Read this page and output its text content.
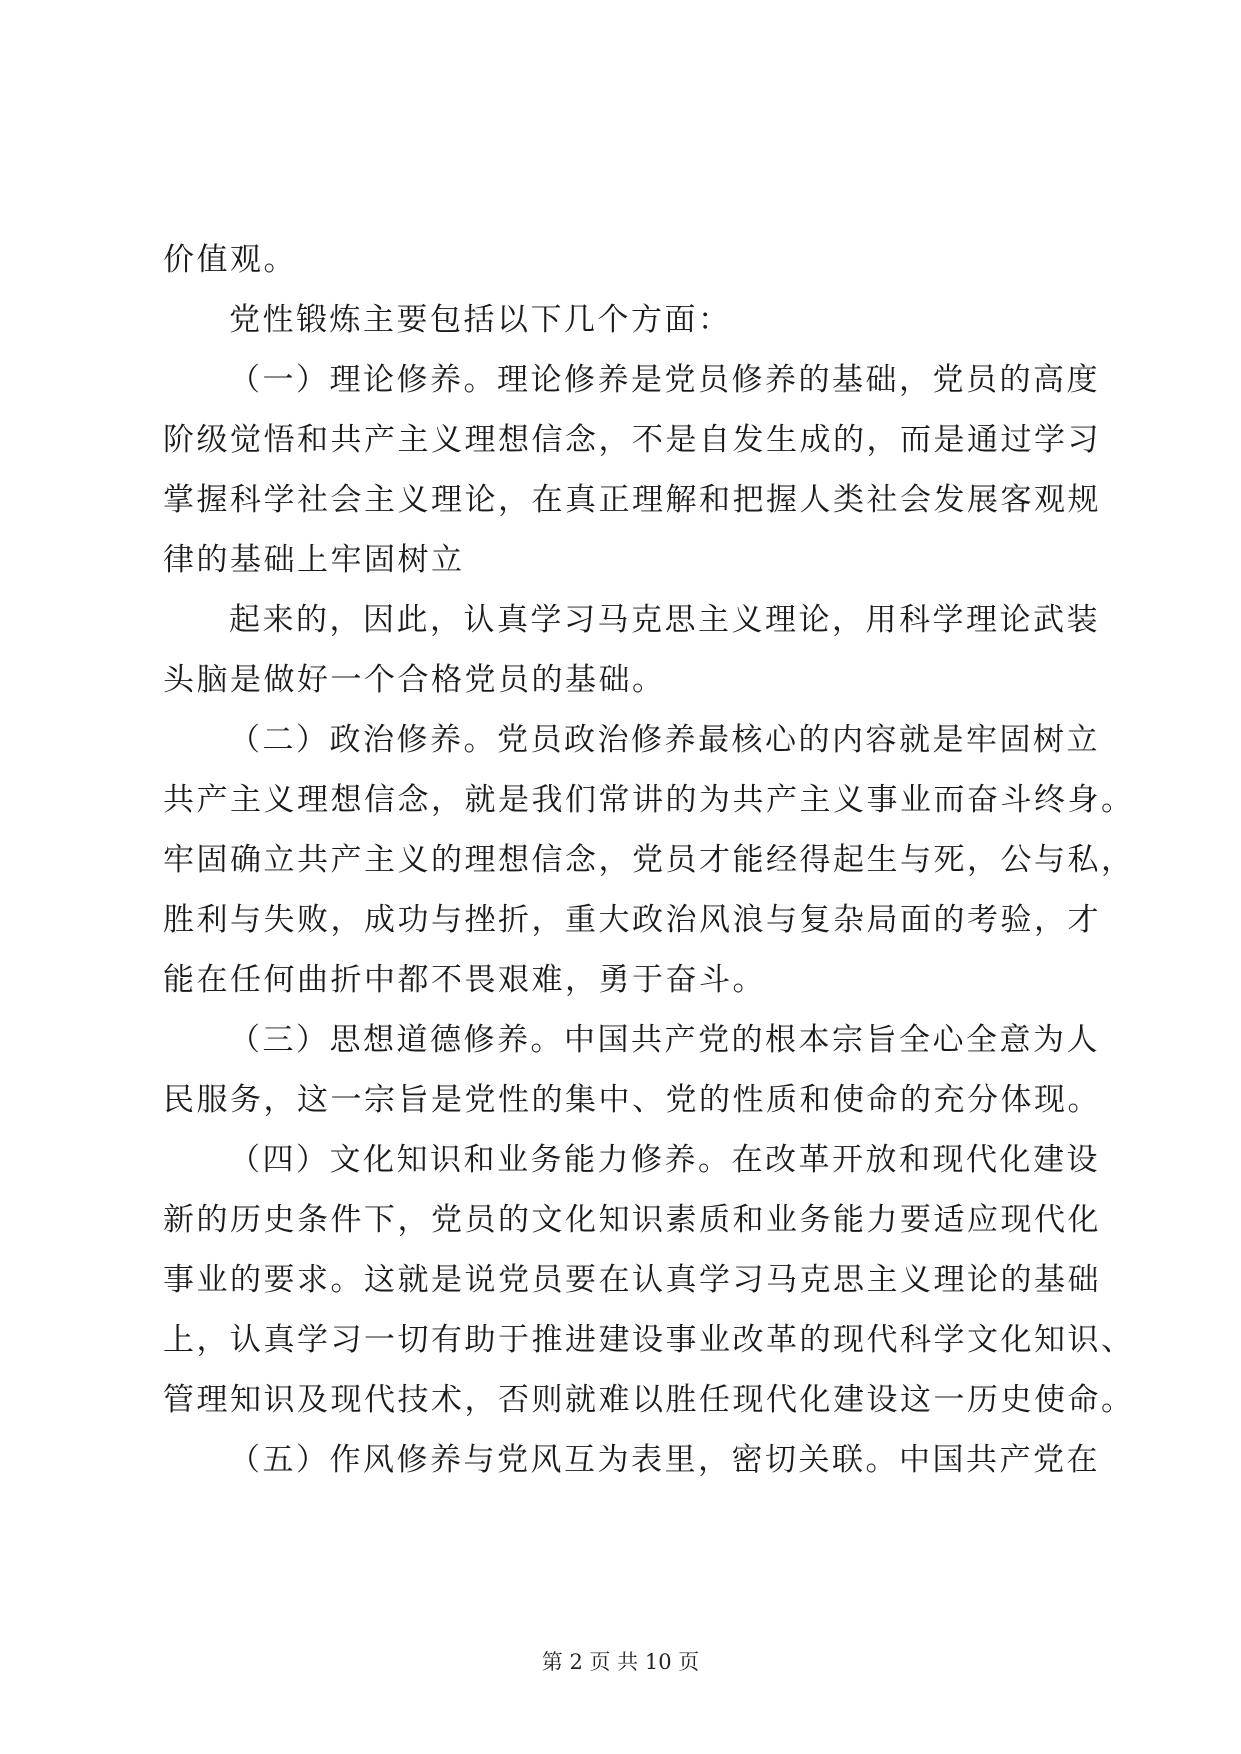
价值观。
党性锻炼主要包括以下几个方面：
（一）理论修养。理论修养是党员修养的基础，党员的高度
阶级觉悟和共产主义理想信念，不是自发生成的，而是通过学习
掌握科学社会主义理论，在真正理解和把握人类社会发展客观规
律的基础上牢固树立
起来的，因此，认真学习马克思主义理论，用科学理论武装
头脑是做好一个合格党员的基础。
（二）政治修养。党员政治修养最核心的内容就是牢固树立
共产主义理想信念，就是我们常讲的为共产主义事业而奋斗终身。
牢固确立共产主义的理想信念，党员才能经得起生与死，公与私，
胜利与失败，成功与挫折，重大政治风浪与复杂局面的考验，才
能在任何曲折中都不畏艰难，勇于奋斗。
（三）思想道德修养。中国共产党的根本宗旨全心全意为人
民服务，这一宗旨是党性的集中、党的性质和使命的充分体现。
（四）文化知识和业务能力修养。在改革开放和现代化建设
新的历史条件下，党员的文化知识素质和业务能力要适应现代化
事业的要求。这就是说党员要在认真学习马克思主义理论的基础
上，认真学习一切有助于推进建设事业改革的现代科学文化知识、
管理知识及现代技术，否则就难以胜任现代化建设这一历史使命。
（五）作风修养与党风互为表里，密切关联。中国共产党在
第 2 页 共 10 页
